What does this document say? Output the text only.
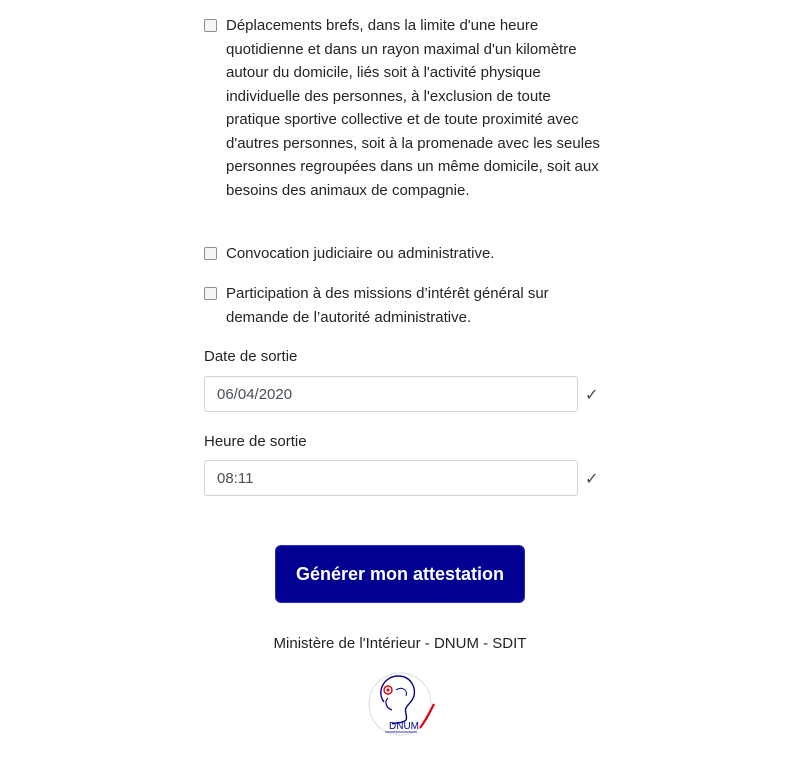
Déplacements brefs, dans la limite d'une heure quotidienne et dans un rayon maximal d'un kilomètre autour du domicile, liés soit à l'activité physique individuelle des personnes, à l'exclusion de toute pratique sportive collective et de toute proximité avec d'autres personnes, soit à la promenade avec les seules personnes regroupées dans un même domicile, soit aux besoins des animaux de compagnie.
Convocation judiciaire ou administrative.
Participation à des missions d’intérêt général sur demande de l’autorité administrative.
Date de sortie
06/04/2020
✓
Heure de sortie
08:11
✓
Générer mon attestation
Ministère de l'Intérieur - DNUM - SDIT
DNUM
